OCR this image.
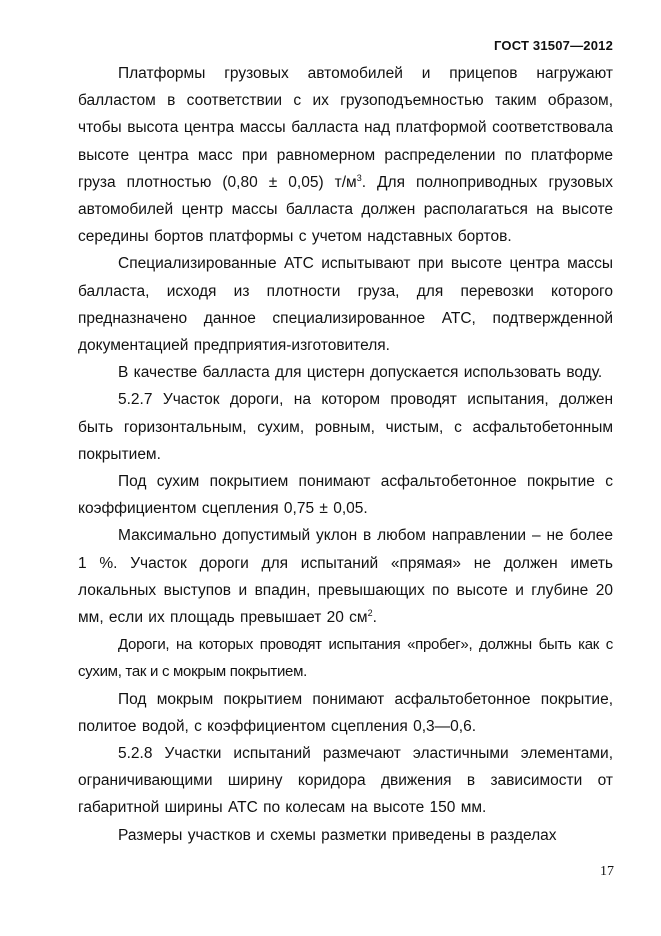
ГОСТ 31507—2012

Платформы грузовых автомобилей и прицепов нагружают балластом в соответствии с их грузоподъемностью таким образом, чтобы высота центра массы балласта над платформой соответствовала высоте центра масс при равномерном распределении по платформе груза плотностью (0,80 ± 0,05) $т/м^3$. Для полноприводных грузовых автомобилей центр массы балласта должен располагаться на высоте середины бортов платформы с учетом надставных бортов.

Специализированные АТС испытывают при высоте центра массы балласта, исходя из плотности груза, для перевозки которого предназначено данное специализированное АТС, подтвержденной документацией предприятия-изготовителя.

В качестве балласта для цистерн допускается использовать воду.

5.2.7 Участок дороги, на котором проводят испытания, должен быть горизонтальным, сухим, ровным, чистым, с асфальтобетонным покрытием.

Под сухим покрытием понимают асфальтобетонное покрытие с коэффициентом сцепления 0,75 ± 0,05.

Максимально допустимый уклон в любом направлении – не более 1 %. Участок дороги для испытаний «прямая» не должен иметь локальных выступов и впадин, превышающих по высоте и глубине 20 мм, если их площадь превышает 20 $см^2$.

Дороги, на которых проводят испытания «пробег», должны быть как с сухим, так и с мокрым покрытием.

Под мокрым покрытием понимают асфальтобетонное покрытие, политое водой, с коэффициентом сцепления 0,3—0,6.

5.2.8 Участки испытаний размечают эластичными элементами, ограничивающими ширину коридора движения в зависимости от габаритной ширины АТС по колесам на высоте 150 мм.

Размеры участков и схемы разметки приведены в разделах

17
